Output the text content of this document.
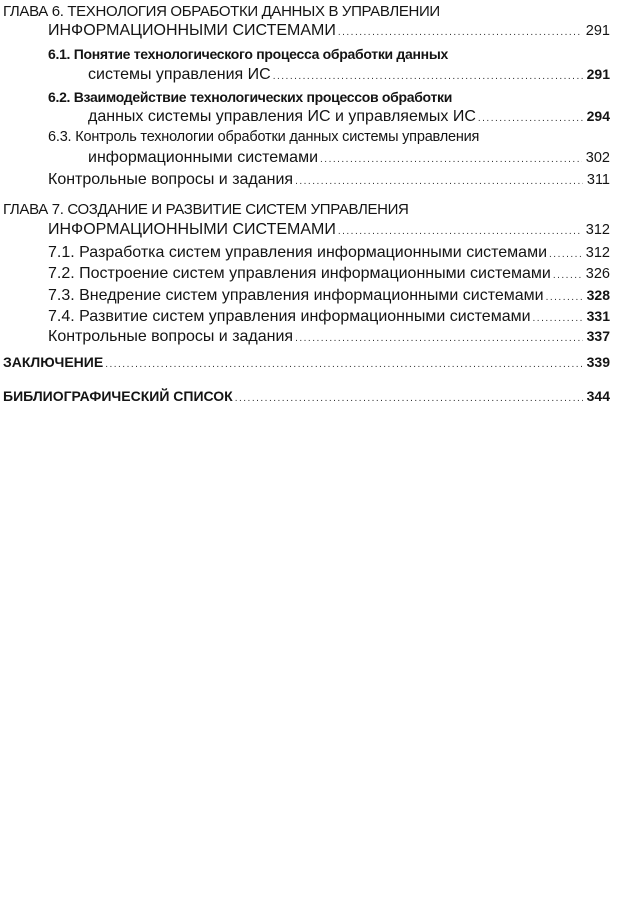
ГЛАВА 6. ТЕХНОЛОГИЯ ОБРАБОТКИ ДАННЫХ В УПРАВЛЕНИИ
ИНФОРМАЦИОННЫМИ СИСТЕМАМИ .....	291
6.1. Понятие технологического процесса обработки данных
системы управления ИС .....	291
6.2. Взаимодействие технологических процессов обработки
данных системы управления ИС и управляемых ИС .....	294
6.3. Контроль технологии обработки данных системы управления
информационными системами .....	302
Контрольные вопросы и задания .....	311
ГЛАВА 7. СОЗДАНИЕ И РАЗВИТИЕ СИСТЕМ УПРАВЛЕНИЯ
ИНФОРМАЦИОННЫМИ СИСТЕМАМИ .....	312
7.1. Разработка систем управления информационными системами .....	312
7.2. Построение систем управления информационными системами ..... 326
7.3. Внедрение систем управления информационными системами .....	328
7.4. Развитие систем управления информационными системами .....	331
Контрольные вопросы и задания .....	337
ЗАКЛЮЧЕНИЕ .....	339
БИБЛИОГРАФИЧЕСКИЙ СПИСОК .....	344
